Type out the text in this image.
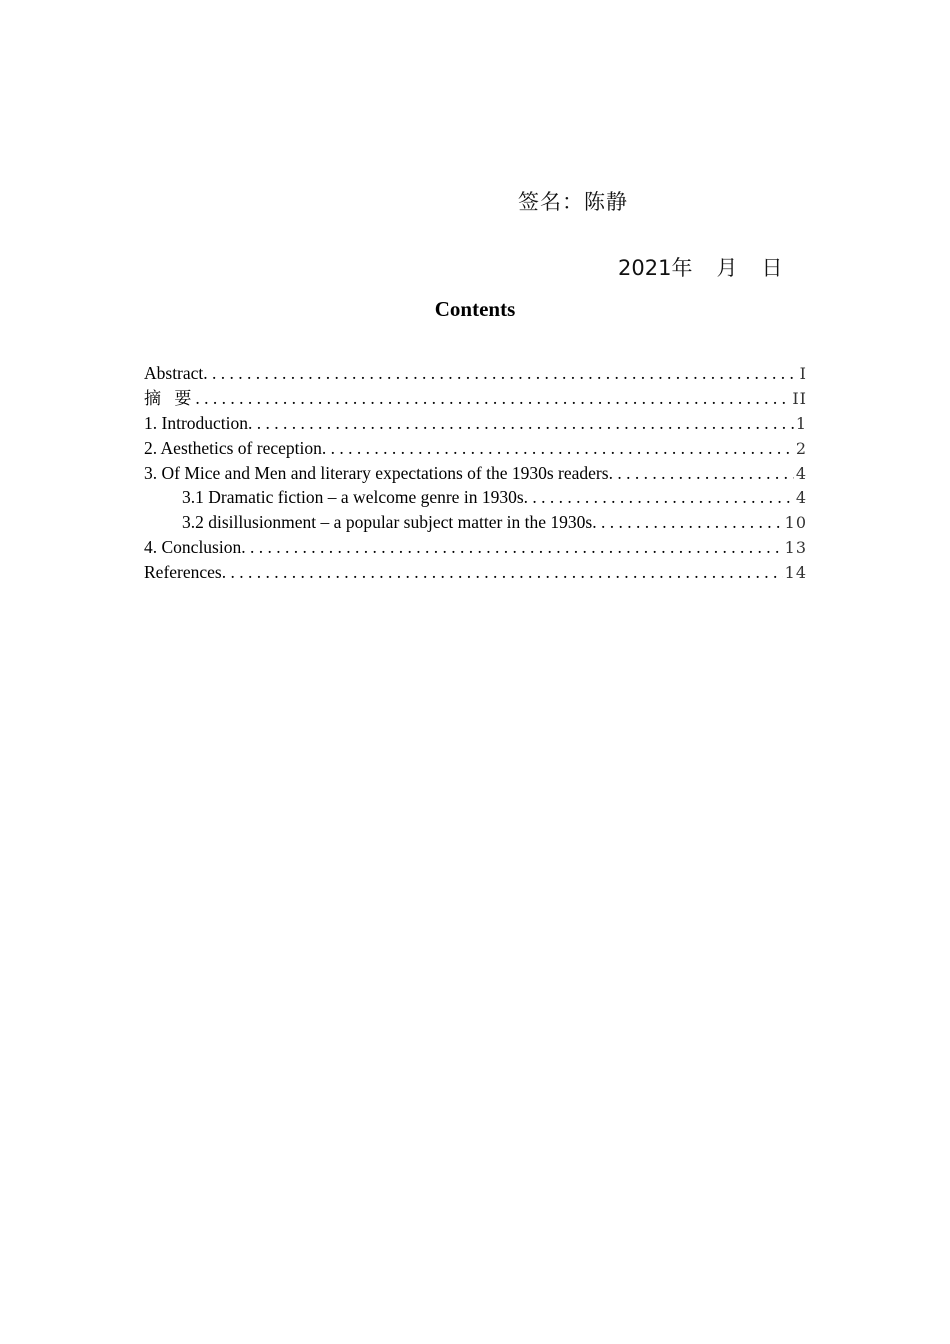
签名：陈静
2021年 月 日
Contents
Abstract . . .	I
摘 要 . . .	II
1. Introduction . . .	1
2. Aesthetics of reception . . .	2
3. Of Mice and Men and literary expectations of the 1930s readers . . .	4
3.1 Dramatic fiction – a welcome genre in 1930s . . .	4
3.2 disillusionment – a popular subject matter in the 1930s . . .	10
4. Conclusion . . .	13
References . . .	14
